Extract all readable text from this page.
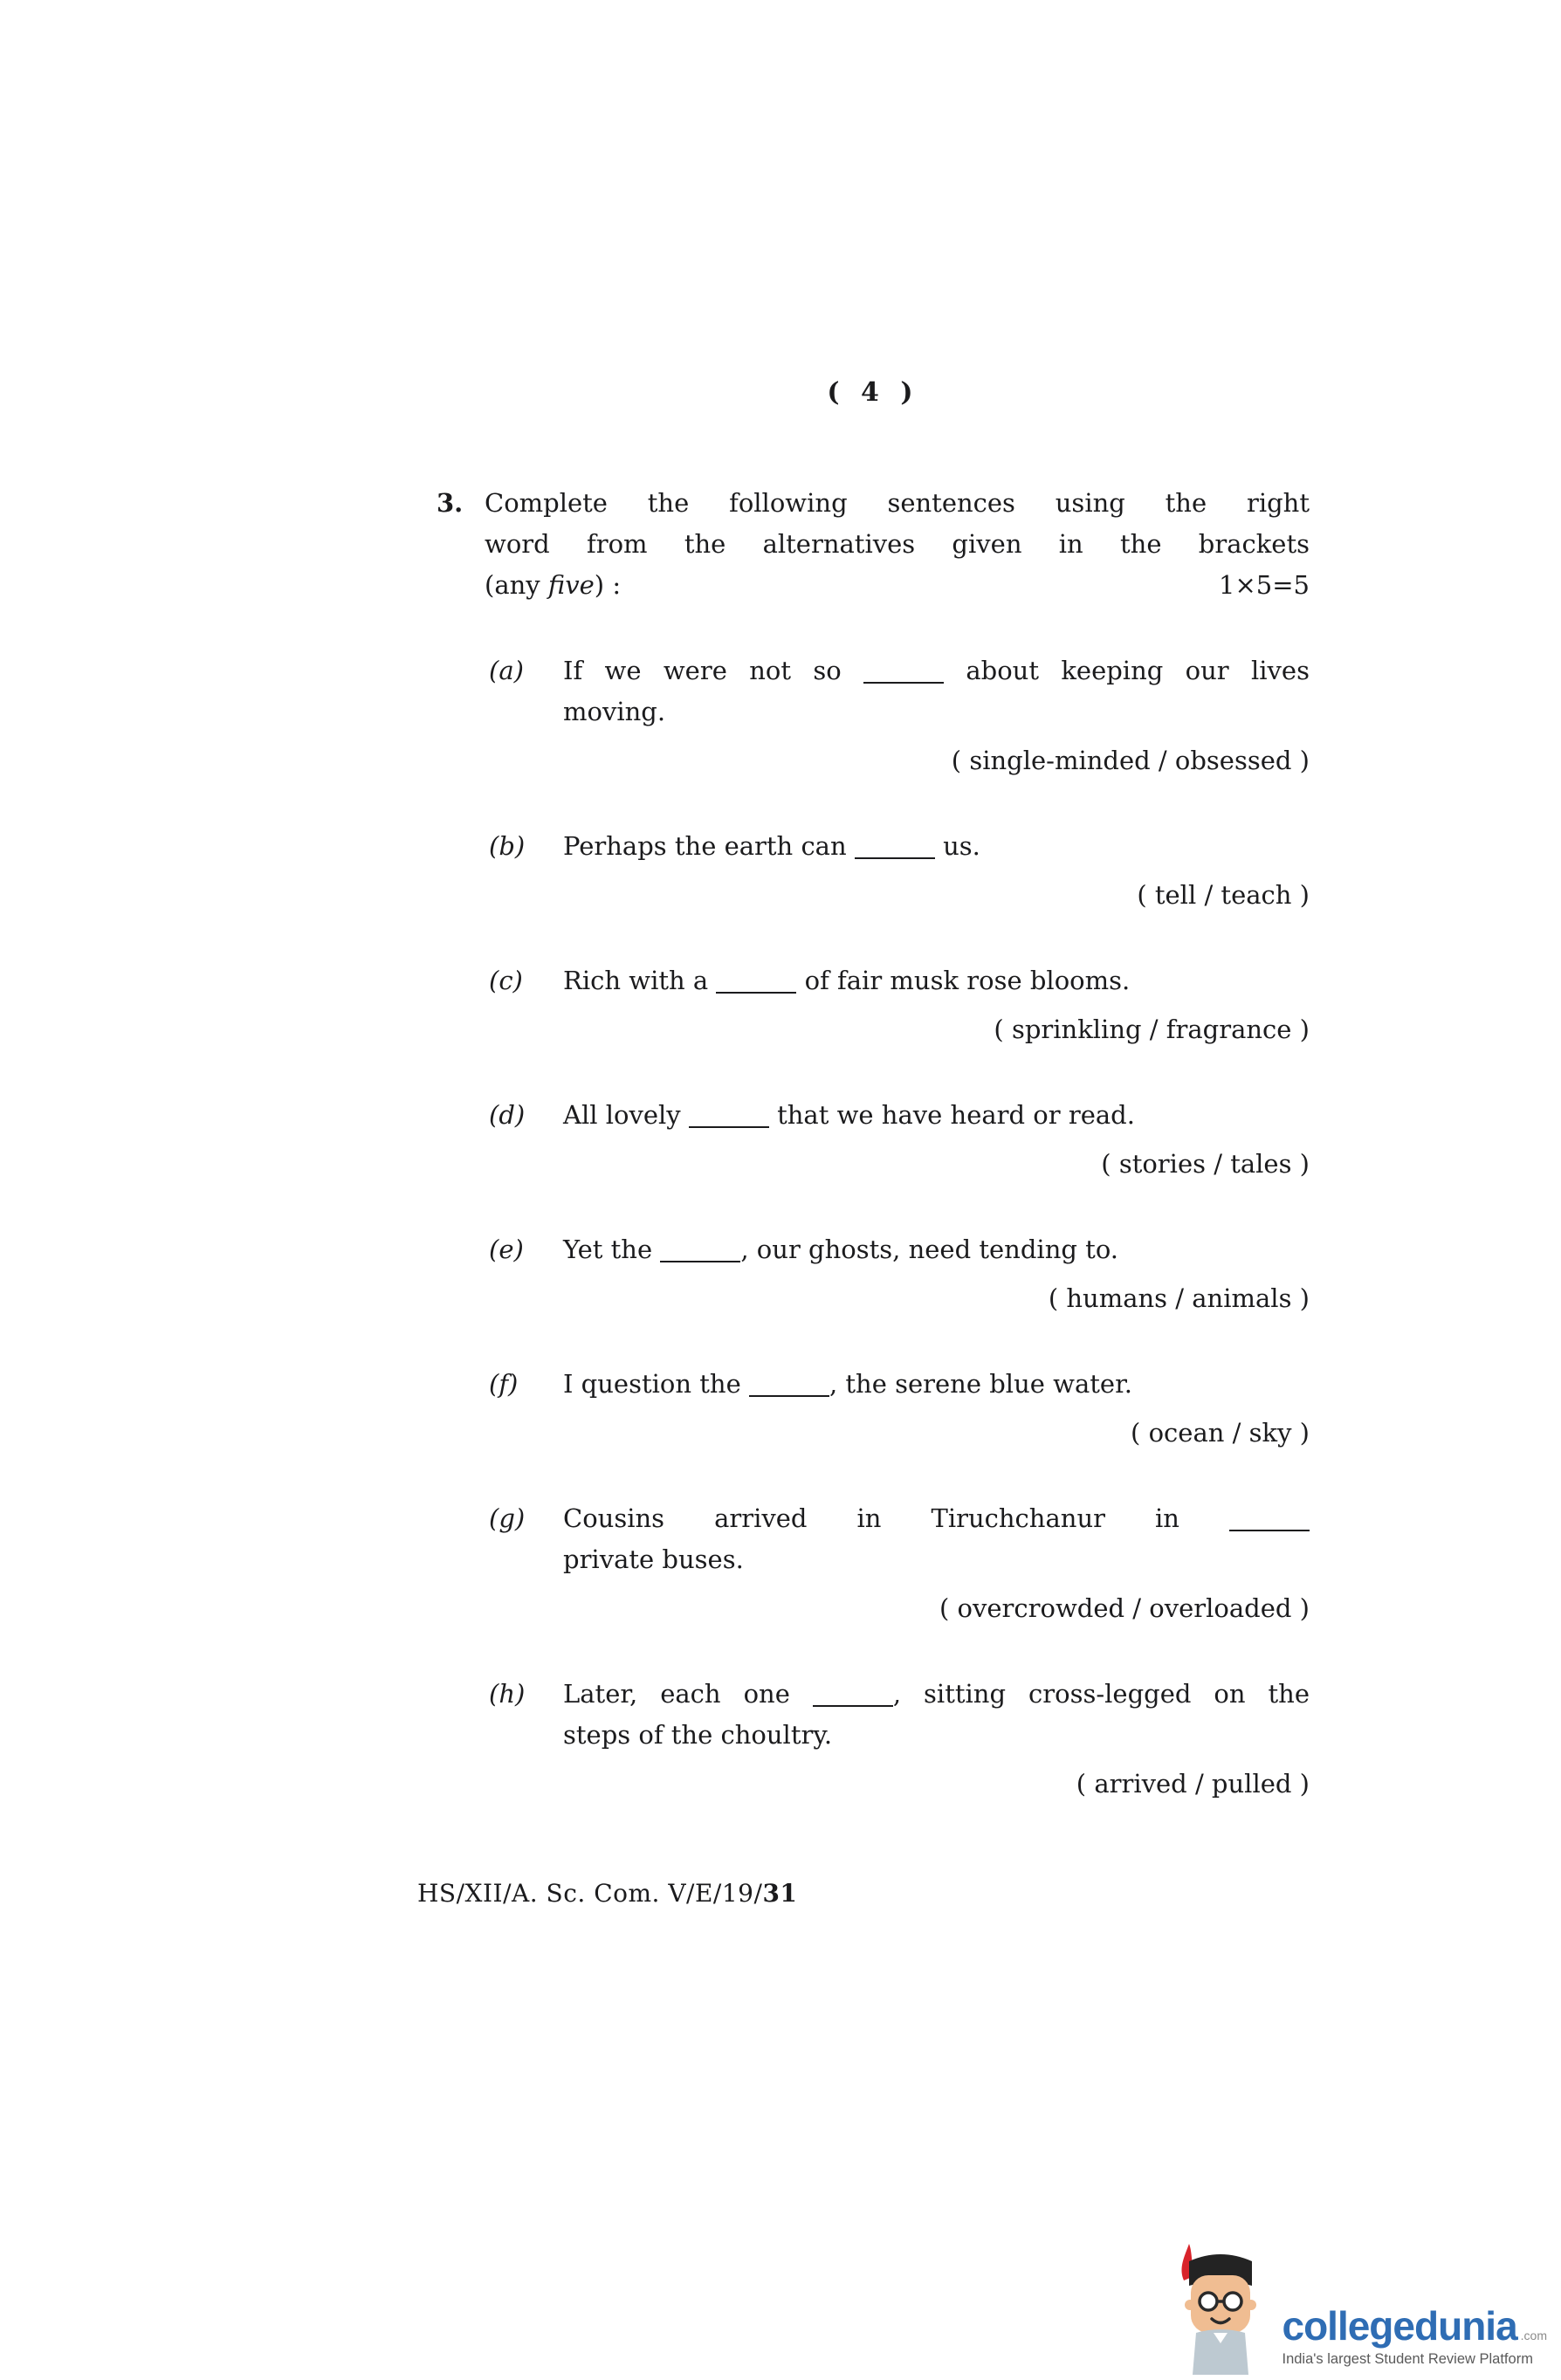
( 4 )
3. Complete the following sentences using the right
word from the alternatives given in the brackets
(any five) :	1×5=5
(a)	If we were not so	about keeping our lives
moving.
( single-minded / obsessed )
(b)	Perhaps the earth can	us.
( tell / teach )
(c)	Rich with a	of fair musk rose blooms.
( sprinkling / fragrance )
(d)	All lovely	that we have heard or read.
( stories / tales )
(e)	Yet the	, our ghosts, need tending to.
( humans / animals )
(f)	I question the	, the serene blue water.
( ocean / sky )
(g)	Cousins arrived in Tiruchchanur in
private buses.
( overcrowded / overloaded )
(h)	Later, each one	, sitting cross-legged on the
steps of the choultry.
( arrived / pulled )
HS/XII/A. Sc. Com. V/E/19/31
collegedunia .com
India's largest Student Review Platform
